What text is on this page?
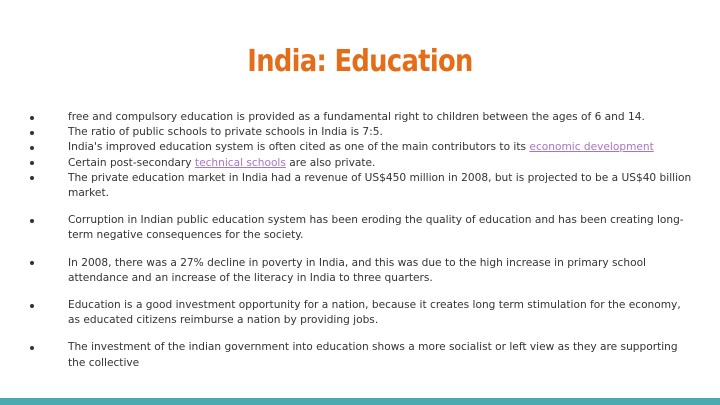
India: Education
free and compulsory education is provided as a fundamental right to children between the ages of 6 and 14.
The ratio of public schools to private schools in India is 7:5.
India's improved education system is often cited as one of the main contributors to its economic development
Certain post-secondary technical schools are also private.
The private education market in India had a revenue of US$450 million in 2008, but is projected to be a US$40 billion market.
Corruption in Indian public education system has been eroding the quality of education and has been creating long-term negative consequences for the society.
In 2008, there was a 27% decline in poverty in India, and this was due to the high increase in primary school attendance and an increase of the literacy in India to three quarters.
Education is a good investment opportunity for a nation, because it creates long term stimulation for the economy, as educated citizens reimburse a nation by providing jobs.
The investment of the indian government into education shows a more socialist or left view as they are supporting the collective
